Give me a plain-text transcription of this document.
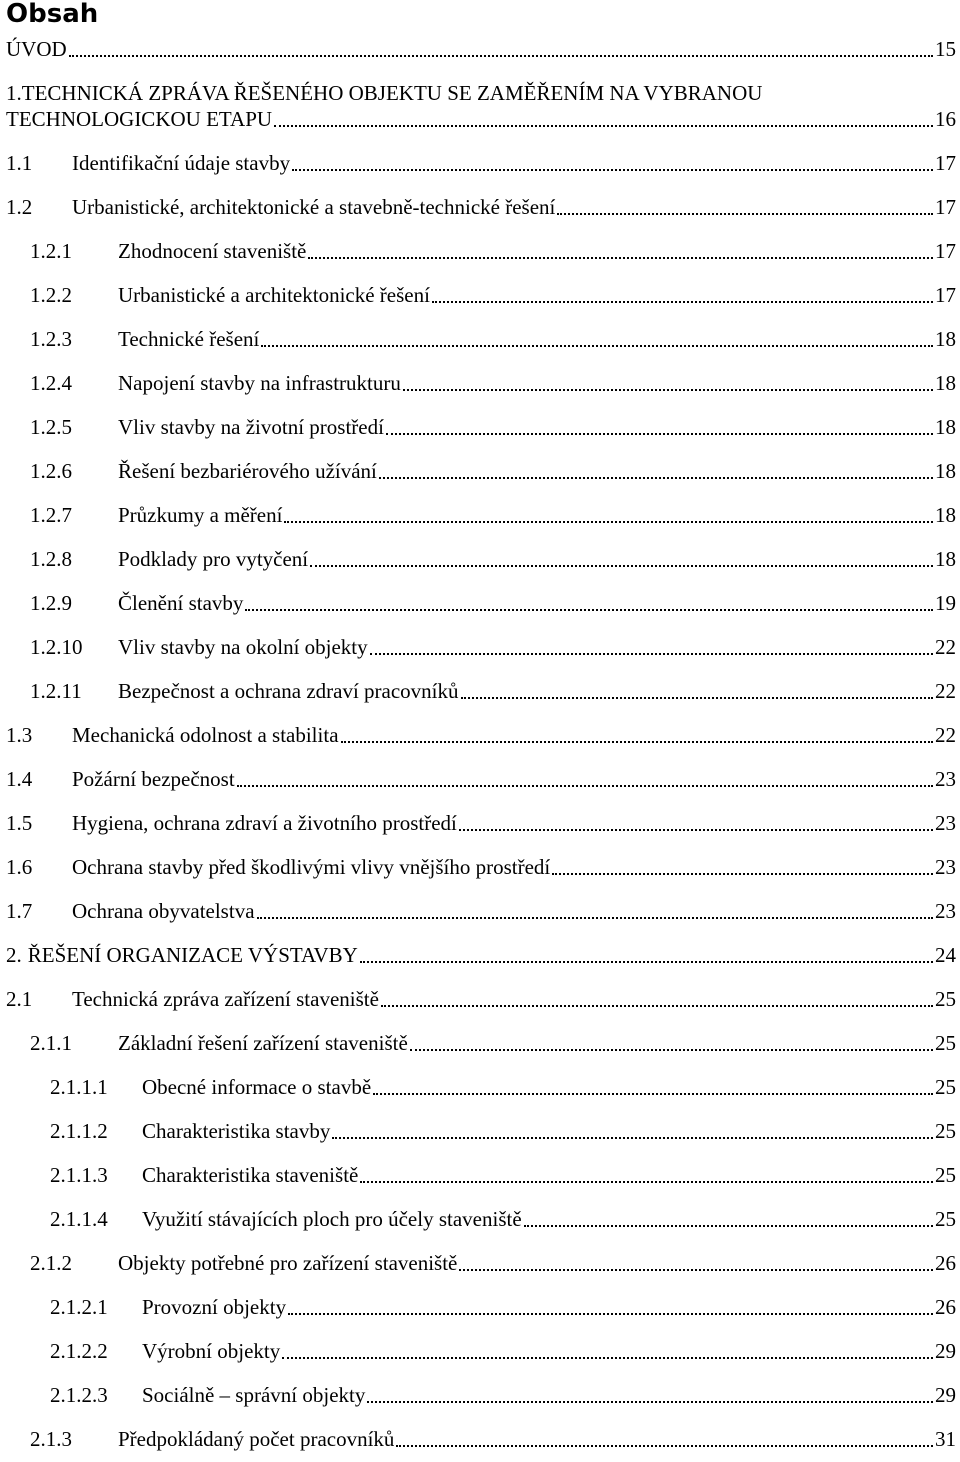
Obsah
ÚVOD	15
1.TECHNICKÁ ZPRÁVA ŘEŠENÉHO OBJEKTU SE ZAMĚŘENÍM NA VYBRANOU
TECHNOLOGICKOU ETAPU	16
1.1	Identifikační údaje stavby	17
1.2	Urbanistické, architektonické a stavebně-technické řešení	17
1.2.1	Zhodnocení staveniště	17
1.2.2	Urbanistické a architektonické řešení	17
1.2.3	Technické řešení	18
1.2.4	Napojení stavby na infrastrukturu	18
1.2.5	Vliv stavby na životní prostředí	18
1.2.6	Řešení bezbariérového užívání	18
1.2.7	Průzkumy a měření	18
1.2.8	Podklady pro vytyčení	18
1.2.9	Členění stavby	19
1.2.10	Vliv stavby na okolní objekty	22
1.2.11	Bezpečnost a ochrana zdraví pracovníků	22
1.3	Mechanická odolnost a stabilita	22
1.4	Požární bezpečnost	23
1.5	Hygiena, ochrana zdraví a životního prostředí	23
1.6	Ochrana stavby před škodlivými vlivy vnějšího prostředí	23
1.7	Ochrana obyvatelstva	23
2. ŘEŠENÍ ORGANIZACE VÝSTAVBY	24
2.1	Technická zpráva zařízení staveniště	25
2.1.1	Základní řešení zařízení staveniště	25
2.1.1.1	Obecné informace o stavbě	25
2.1.1.2	Charakteristika stavby	25
2.1.1.3	Charakteristika staveniště	25
2.1.1.4	Využití stávajících ploch pro účely staveniště	25
2.1.2	Objekty potřebné pro zařízení staveniště	26
2.1.2.1	Provozní objekty	26
2.1.2.2	Výrobní objekty	29
2.1.2.3	Sociálně – správní objekty	29
2.1.3	Předpokládaný počet pracovníků	31
